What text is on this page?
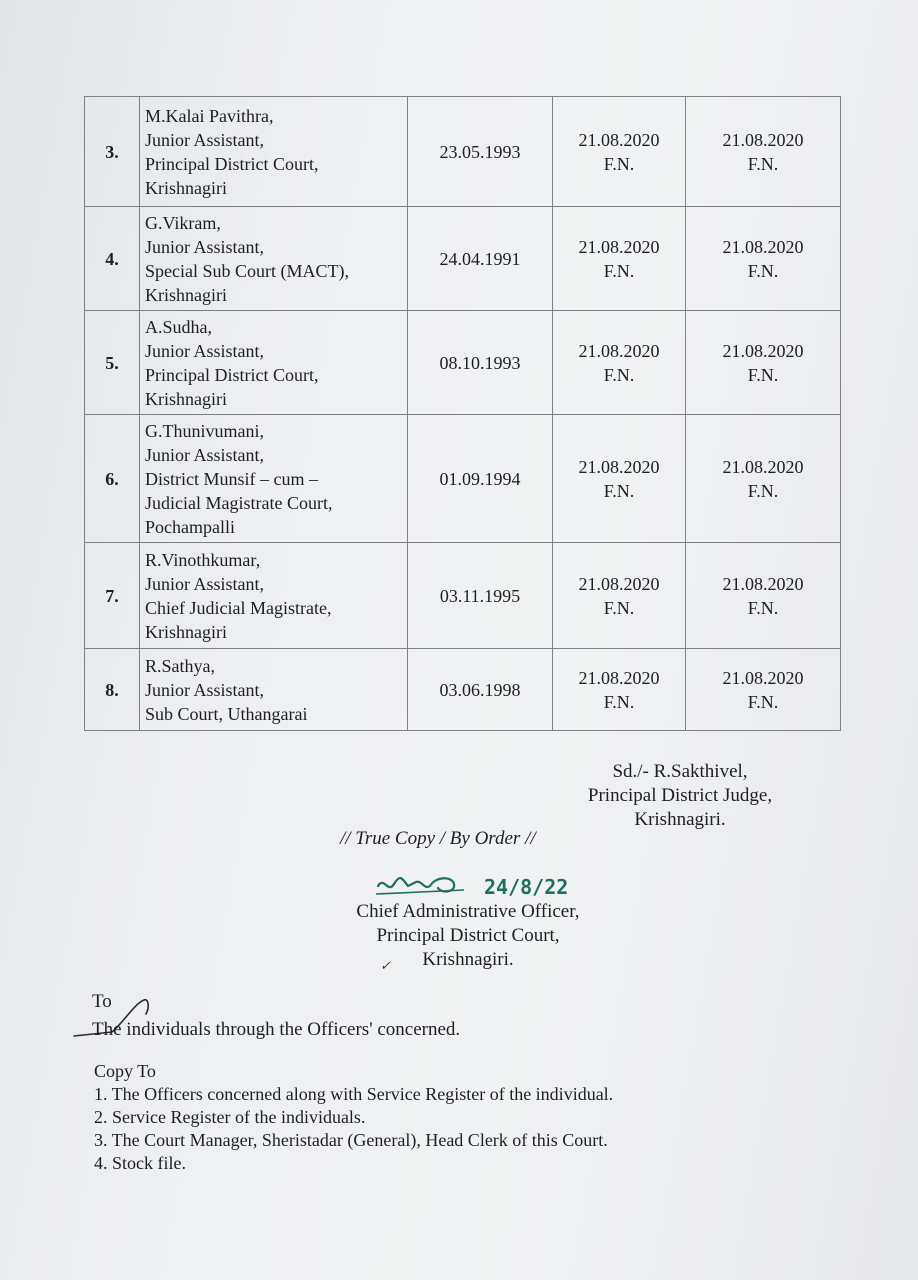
3.	M.Kalai Pavithra,
Junior Assistant,
Principal District Court,
Krishnagiri	23.05.1993	21.08.2020
F.N.	21.08.2020
F.N.

4.	G.Vikram,
Junior Assistant,
Special Sub Court (MACT),
Krishnagiri	24.04.1991	21.08.2020
F.N.	21.08.2020
F.N.

5.	A.Sudha,
Junior Assistant,
Principal District Court,
Krishnagiri	08.10.1993	21.08.2020
F.N.	21.08.2020
F.N.

6.	G.Thunivumani,
Junior Assistant,
District Munsif – cum –
Judicial Magistrate Court,
Pochampalli	01.09.1994	21.08.2020
F.N.	21.08.2020
F.N.

7.	R.Vinothkumar,
Junior Assistant,
Chief Judicial Magistrate,
Krishnagiri	03.11.1995	21.08.2020
F.N.	21.08.2020
F.N.

8.	R.Sathya,
Junior Assistant,
Sub Court, Uthangarai	03.06.1998	21.08.2020
F.N.	21.08.2020
F.N.
Sd./- R.Sakthivel,
Principal District Judge,
Krishnagiri.
// True Copy / By Order //
24/8/22
Chief Administrative Officer,
Principal District Court,
Krishnagiri.
✓
To
The individuals through the Officers' concerned.
Copy To
1. The Officers concerned along with Service Register of the individual.
2. Service Register of the individuals.
3. The Court Manager, Sheristadar (General), Head Clerk of this Court.
4. Stock file.
